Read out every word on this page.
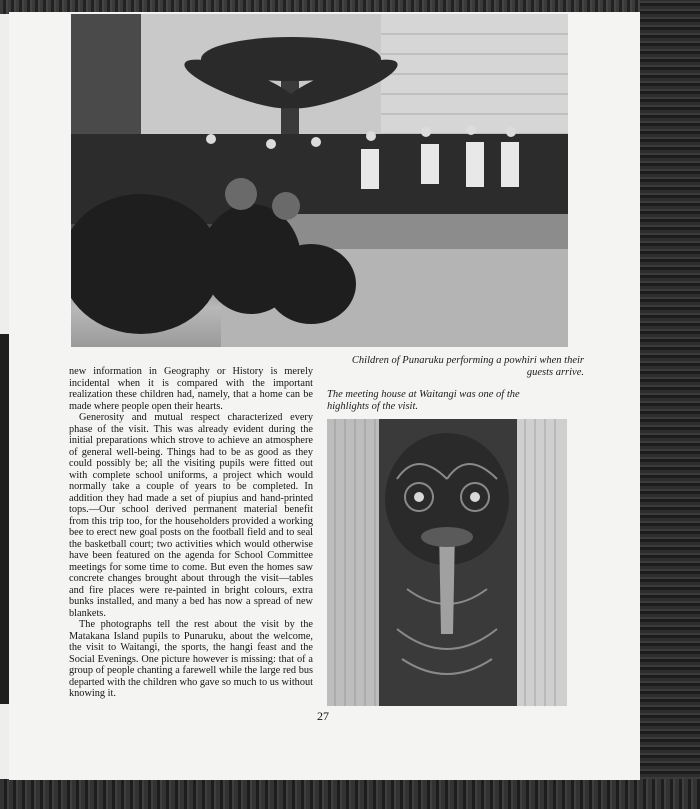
Children of Punaruku performing a powhiri when their guests arrive.
The meeting house at Waitangi was one of the highlights of the visit.

new information in Geography or History is merely incidental when it is compared with the important realization these children had, namely, that a home can be made where people open their hearts.

Generosity and mutual respect characterized every phase of the visit. This was already evident during the initial preparations which strove to achieve an atmosphere of general well-being. Things had to be as good as they could possibly be; all the visiting pupils were fitted out with complete school uniforms, a project which would normally take a couple of years to be completed. In addition they had made a set of piupius and hand-printed tops.—Our school derived permanent material benefit from this trip too, for the householders provided a working bee to erect new goal posts on the football field and to seal the basketball court; two activities which would otherwise have been featured on the agenda for School Committee meetings for some time to come. But even the homes saw concrete changes brought about through the visit—tables and fire places were re-painted in bright colours, extra bunks installed, and many a bed has now a spread of new blankets.

The photographs tell the rest about the visit by the Matakana Island pupils to Punaruku, about the welcome, the visit to Waitangi, the sports, the hangi feast and the Social Evenings. One picture however is missing: that of a group of people chanting a farewell while the large red bus departed with the children who gave so much to us without knowing it.

27
